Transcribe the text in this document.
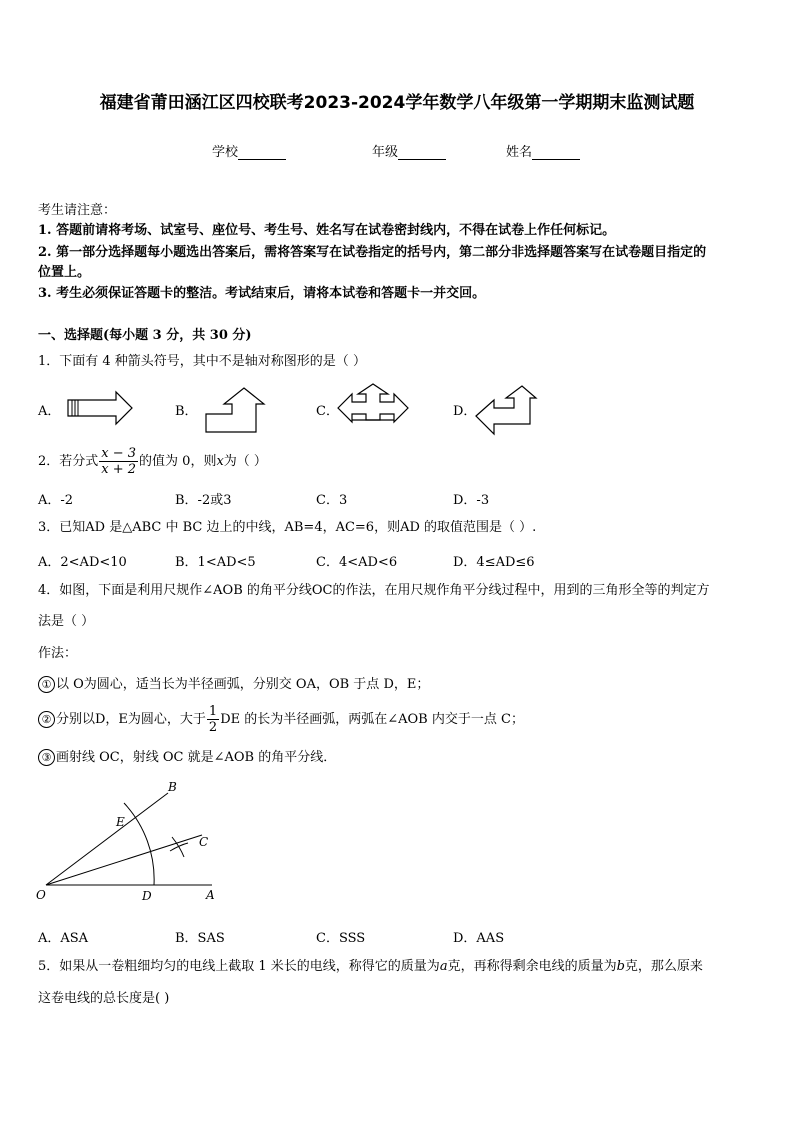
福建省莆田涵江区四校联考2023-2024学年数学八年级第一学期期末监测试题
学校	年级	姓名
考生请注意：
1. 答题前请将考场、试室号、座位号、考生号、姓名写在试卷密封线内，不得在试卷上作任何标记。
2. 第一部分选择题每小题选出答案后，需将答案写在试卷指定的括号内，第二部分非选择题答案写在试卷题目指定的
位置上。
3. 考生必须保证答题卡的整洁。考试结束后，请将本试卷和答题卡一并交回。
一、选择题(每小题 3 分，共 30 分)
1．下面有 4 种箭头符号，其中不是轴对称图形的是（ ）
A．	B．	C．	D．
2．若分式 $\frac{x - 3}{x + 2}$ 的值为 0，则x为（ ）
A．-2	B．-2或3	C．3	D．-3
3．已知AD 是△ABC 中 BC 边上的中线，AB=4，AC=6，则AD 的取值范围是（ ）.
A．2<AD<10	B．1<AD<5	C．4<AD<6	D．4≤AD≤6
4．如图，下面是利用尺规作∠AOB 的角平分线OC的作法，在用尺规作角平分线过程中，用到的三角形全等的判定方
法是（ ）
作法：
① 以 O为圆心，适当长为半径画弧，分别交 OA，OB 于点 D，E；
② 分别以D，E为圆心，大于 $\frac{1}{2}$ DE 的长为半径画弧，两弧在∠AOB 内交于一点 C；
③ 画射线 OC，射线 OC 就是∠AOB 的角平分线．
B
E
C
O	D	A
A．ASA	B．SAS	C．SSS	D．AAS
5．如果从一卷粗细均匀的电线上截取 1 米长的电线，称得它的质量为a克，再称得剩余电线的质量为b克，那么原来
这卷电线的总长度是( )
